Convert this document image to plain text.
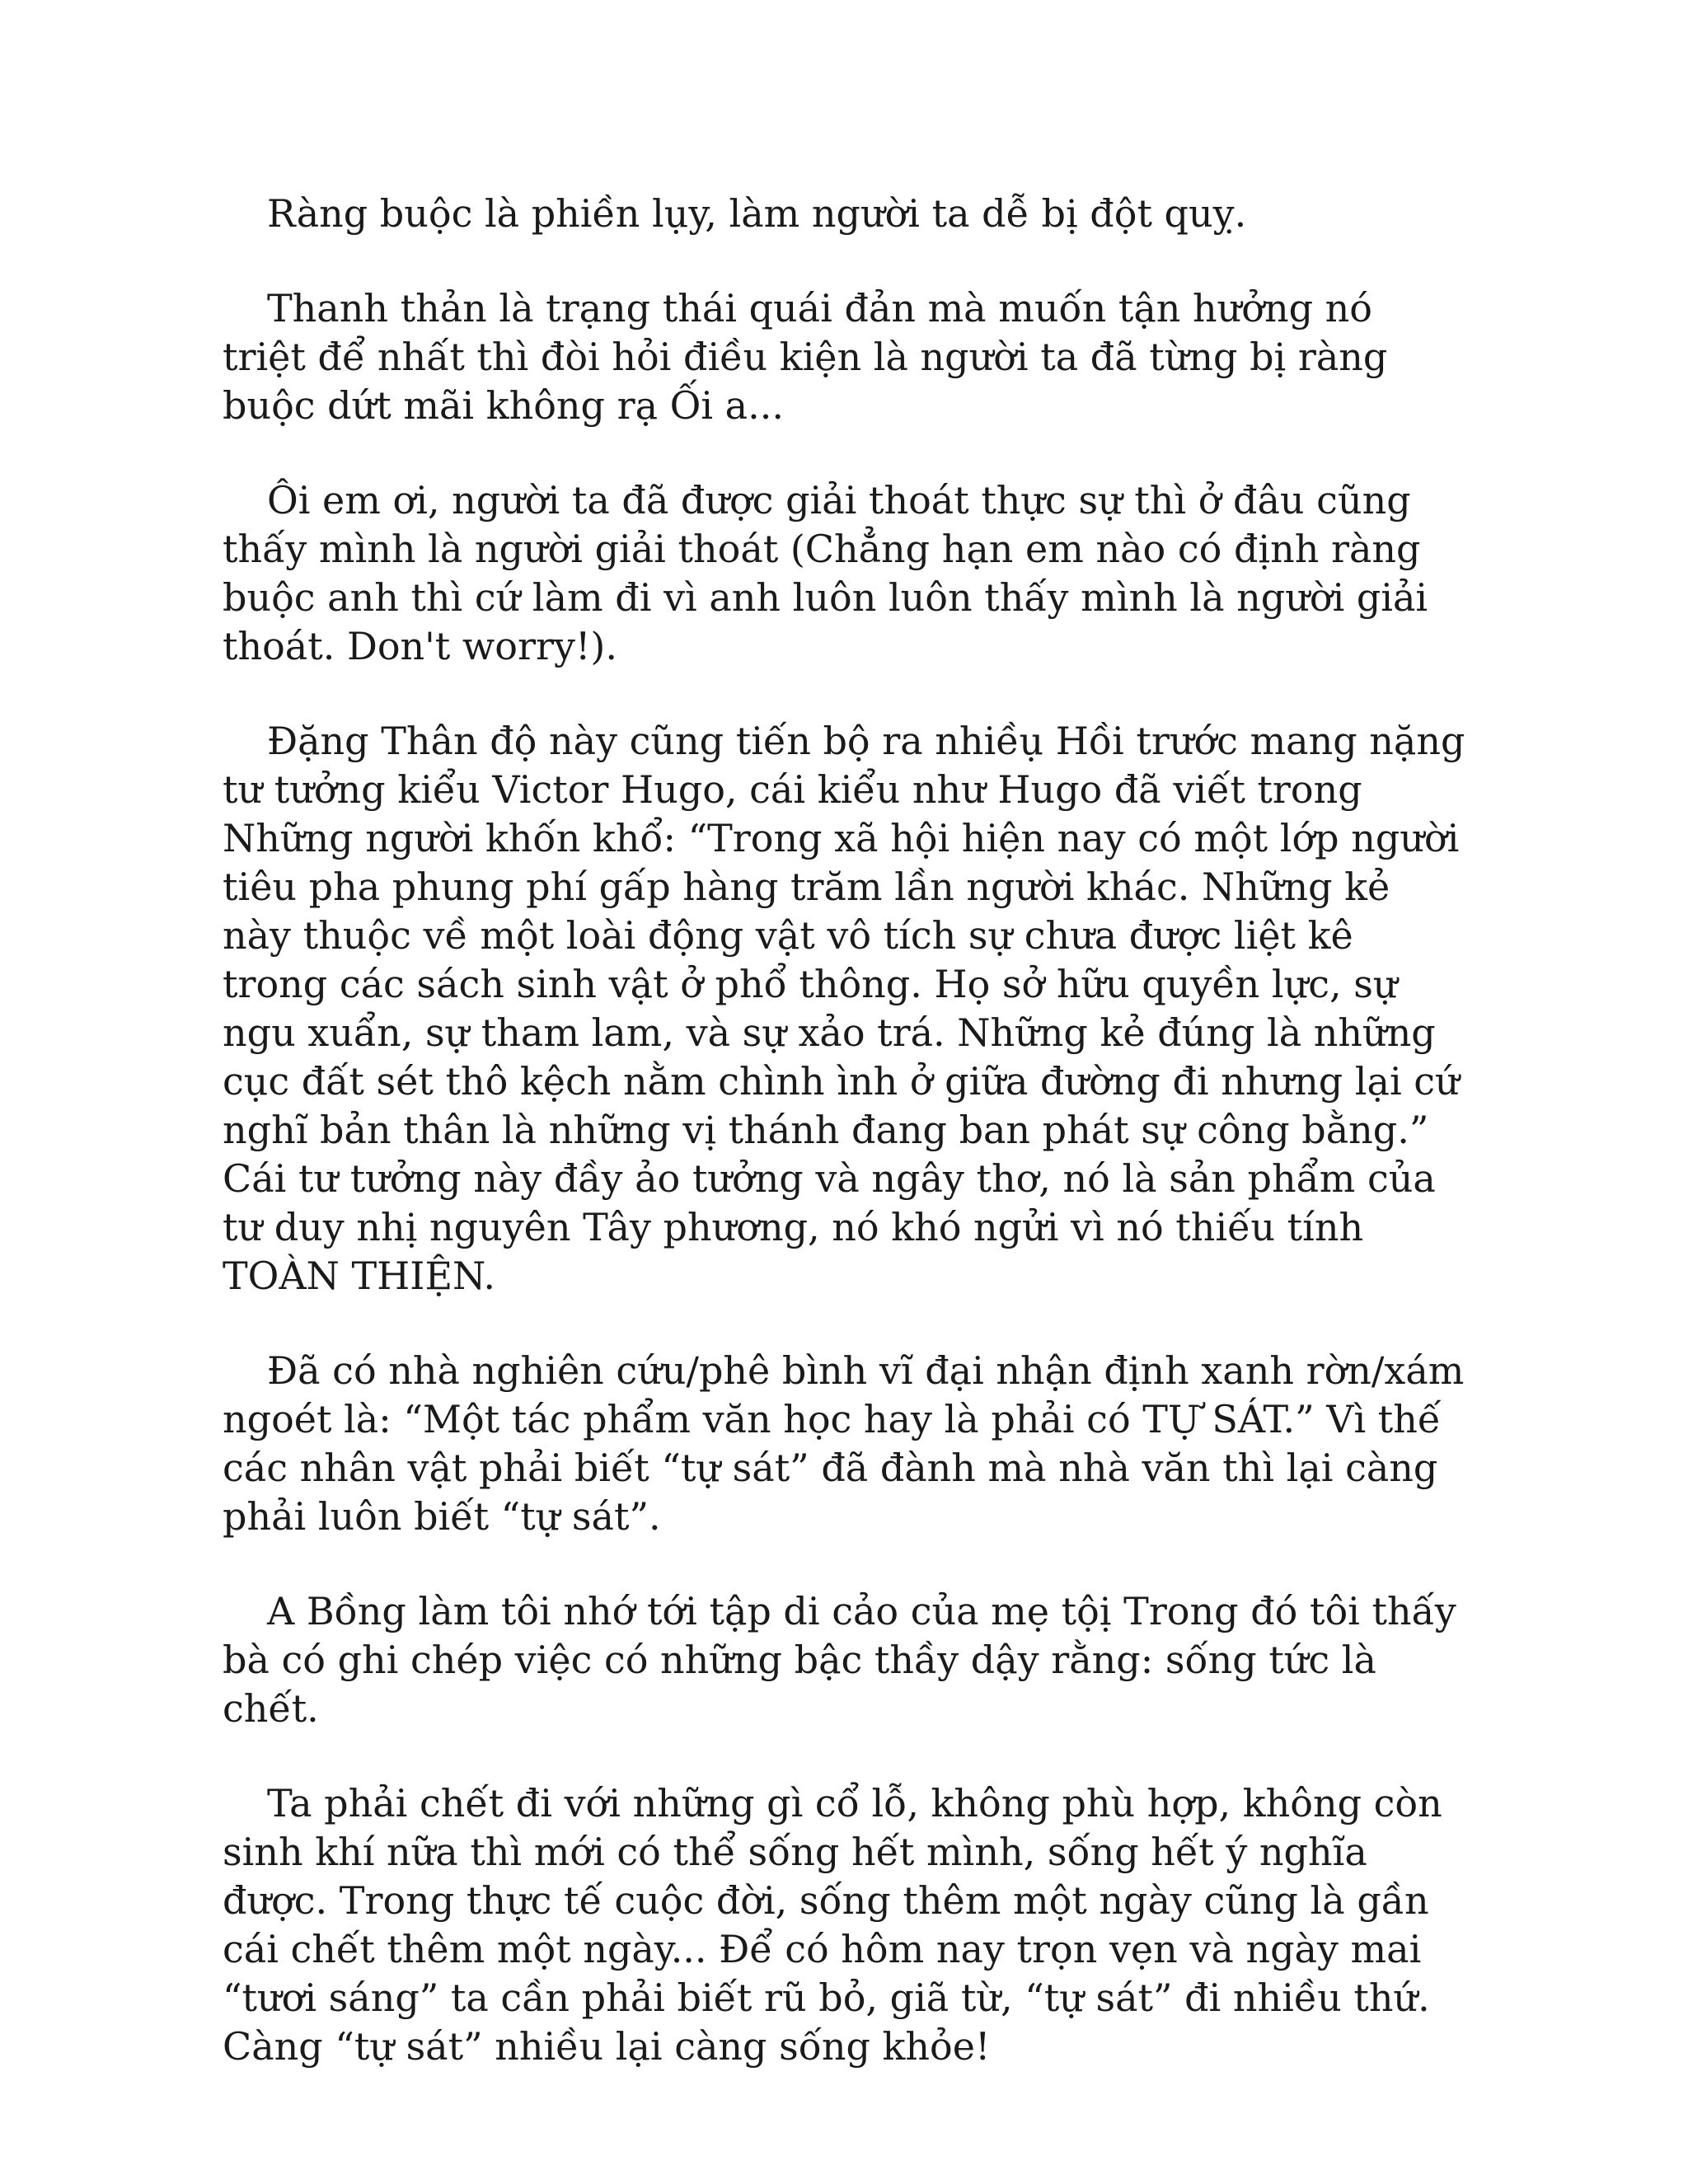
Ràng buộc là phiền lụy, làm người ta dễ bị đột quỵ.

Thanh thản là trạng thái quái đản mà muốn tận hưởng nó triệt để nhất thì đòi hỏi điều kiện là người ta đã từng bị ràng buộc dứt mãi không rạ Ối a...

Ôi em ơi, người ta đã được giải thoát thực sự thì ở đâu cũng thấy mình là người giải thoát (Chẳng hạn em nào có định ràng buộc anh thì cứ làm đi vì anh luôn luôn thấy mình là người giải thoát. Don't worry!).

Đặng Thân độ này cũng tiến bộ ra nhiềụ Hồi trước mang nặng tư tưởng kiểu Victor Hugo, cái kiểu như Hugo đã viết trong Những người khốn khổ: “Trong xã hội hiện nay có một lớp người tiêu pha phung phí gấp hàng trăm lần người khác. Những kẻ này thuộc về một loài động vật vô tích sự chưa được liệt kê trong các sách sinh vật ở phổ thông. Họ sở hữu quyền lực, sự ngu xuẩn, sự tham lam, và sự xảo trá. Những kẻ đúng là những cục đất sét thô kệch nằm chình ình ở giữa đường đi nhưng lại cứ nghĩ bản thân là những vị thánh đang ban phát sự công bằng.” Cái tư tưởng này đầy ảo tưởng và ngây thơ, nó là sản phẩm của tư duy nhị nguyên Tây phương, nó khó ngửi vì nó thiếu tính TOÀN THIỆN.

Đã có nhà nghiên cứu/phê bình vĩ đại nhận định xanh rờn/xám ngoét là: “Một tác phẩm văn học hay là phải có TỰ SÁT.” Vì thế các nhân vật phải biết “tự sát” đã đành mà nhà văn thì lại càng phải luôn biết “tự sát”.

A Bồng làm tôi nhớ tới tập di cảo của mẹ tộị Trong đó tôi thấy bà có ghi chép việc có những bậc thầy dậy rằng: sống tức là chết.

Ta phải chết đi với những gì cổ lỗ, không phù hợp, không còn sinh khí nữa thì mới có thể sống hết mình, sống hết ý nghĩa được. Trong thực tế cuộc đời, sống thêm một ngày cũng là gần cái chết thêm một ngày... Để có hôm nay trọn vẹn và ngày mai “tươi sáng” ta cần phải biết rũ bỏ, giã từ, “tự sát” đi nhiều thứ. Càng “tự sát” nhiều lại càng sống khỏe!
